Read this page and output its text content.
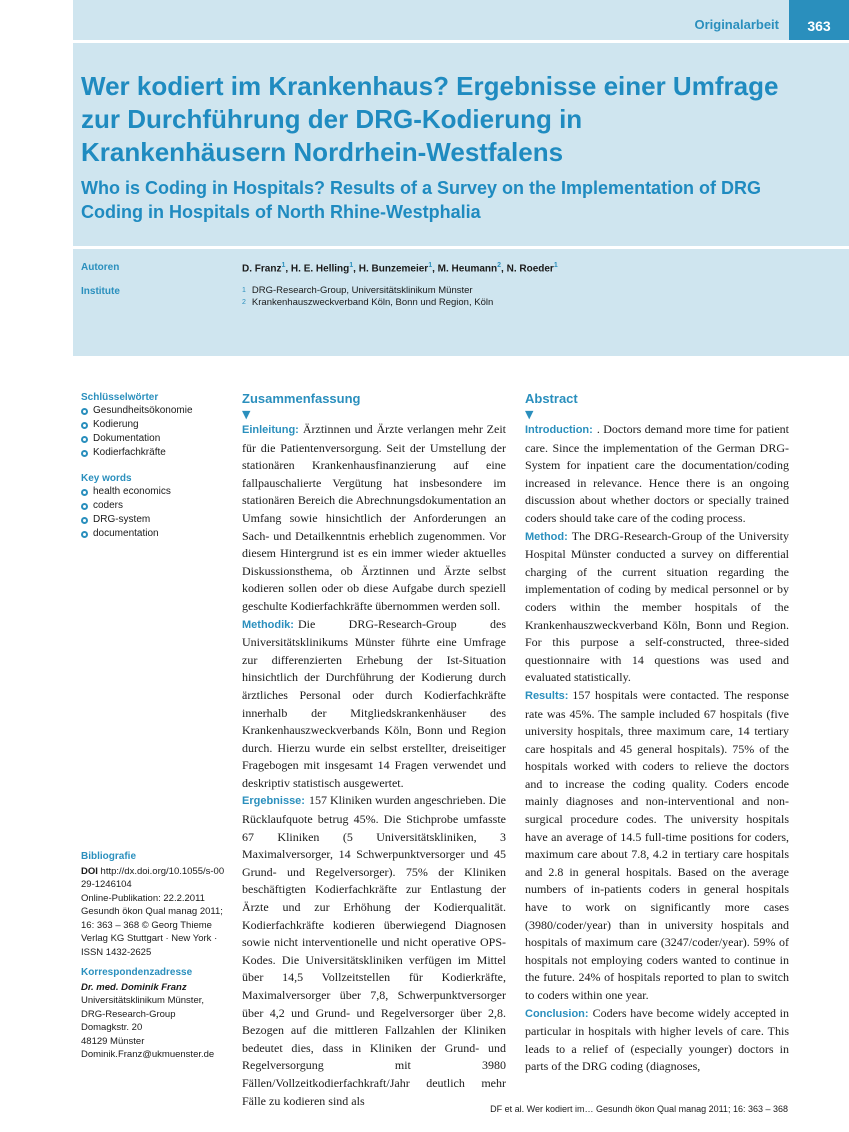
Originalarbeit	363
Wer kodiert im Krankenhaus? Ergebnisse einer Umfrage zur Durchführung der DRG-Kodierung in Krankenhäusern Nordrhein-Westfalens
Who is Coding in Hospitals? Results of a Survey on the Implementation of DRG Coding in Hospitals of North Rhine-Westphalia
Autoren	D. Franz$^1$, H. E. Helling$^1$, H. Bunzemeier$^1$, M. Heumann$^2$, N. Roeder$^1$
Institute	1 DRG-Research-Group, Universitätsklinikum Münster
2 Krankenhauszweckverband Köln, Bonn und Region, Köln
Schlüsselwörter
Gesundheitsökonomie
Kodierung
Dokumentation
Kodierfachkräfte
Key words
health economics
coders
DRG-system
documentation
Bibliografie
DOI http://dx.doi.org/10.1055/s-0029-1246104
Online-Publikation: 22.2.2011
Gesundh ökon Qual manag 2011; 16: 363 – 368 © Georg Thieme Verlag KG Stuttgart · New York · ISSN 1432-2625
Korrespondenzadresse
Dr. med. Dominik Franz
Universitätsklinikum Münster,
DRG-Research-Group
Domagkstr. 20
48129 Münster
Dominik.Franz@ukmuenster.de
Zusammenfassung
▼

Einleitung: Ärztinnen und Ärzte verlangen mehr Zeit für die Patientenversorgung. Seit der Umstellung der stationären Krankenhausfinanzierung auf eine fallpauschalierte Vergütung hat insbesondere im stationären Bereich die Abrechnungsdokumentation an Umfang sowie hinsichtlich der Anforderungen an Sach- und Detailkenntnis erheblich zugenommen. Vor diesem Hintergrund ist es ein immer wieder aktuelles Diskussionsthema, ob Ärztinnen und Ärzte selbst kodieren sollen oder ob diese Aufgabe durch speziell geschulte Kodierfachkräfte übernommen werden soll.

Methodik: Die DRG-Research-Group des Universitätsklinikums Münster führte eine Umfrage zur differenzierten Erhebung der Ist-Situation hinsichtlich der Durchführung der Kodierung durch ärztliches Personal oder durch Kodierfachkräfte innerhalb der Mitgliedskrankenhäuser des Krankenhauszweckverbands Köln, Bonn und Region durch. Hierzu wurde ein selbst erstellter, dreiseitiger Fragebogen mit insgesamt 14 Fragen verwendet und deskriptiv statistisch ausgewertet.

Ergebnisse: 157 Kliniken wurden angeschrieben. Die Rücklaufquote betrug 45%. Die Stichprobe umfasste 67 Kliniken (5 Universitätskliniken, 3 Maximalversorger, 14 Schwerpunktversorger und 45 Grund- und Regelversorger). 75% der Kliniken beschäftigten Kodierfachkräfte zur Entlastung der Ärzte und zur Erhöhung der Kodierqualität. Kodierfachkräfte kodieren überwiegend Diagnosen sowie nicht interventionelle und nicht operative OPS-Kodes. Die Universitätskliniken verfügen im Mittel über 14,5 Vollzeitstellen für Kodierkräfte, Maximalversorger über 7,8, Schwerpunktversorger über 4,2 und Grund- und Regelversorger über 2,8. Bezogen auf die mittleren Fallzahlen der Kliniken bedeutet dies, dass in Kliniken der Grund- und Regelversorgung mit 3980 Fällen/Vollzeitkodierfachkraft/Jahr deutlich mehr Fälle zu kodieren sind als

Abstract
▼

Introduction: . Doctors demand more time for patient care. Since the implementation of the German DRG-System for inpatient care the documentation/coding increased in relevance. Hence there is an ongoing discussion about whether doctors or specially trained coders should take care of the coding process.

Method: The DRG-Research-Group of the University Hospital Münster conducted a survey on differential charging of the current situation regarding the implementation of coding by medical personnel or by coders within the member hospitals of the Krankenhauszweckverband Köln, Bonn und Region. For this purpose a self-constructed, three-sided questionnaire with 14 questions was used and evaluated statistically.

Results: 157 hospitals were contacted. The response rate was 45%. The sample included 67 hospitals (five university hospitals, three maximum care, 14 tertiary care hospitals and 45 general hospitals). 75% of the hospitals worked with coders to relieve the doctors and to increase the coding quality. Coders encode mainly diagnoses and non-interventional and non-surgical procedure codes. The university hospitals have an average of 14.5 full-time positions for coders, maximum care about 7.8, 4.2 in tertiary care hospitals and 2.8 in general hospitals. Based on the average numbers of in-patients coders in general hospitals have to work on significantly more cases (3980/coder/year) than in university hospitals and hospitals of maximum care (3247/coder/year). 59% of hospitals not employing coders wanted to continue in the future. 24% of hospitals reported to plan to switch to coders within one year.

Conclusion: Coders have become widely accepted in particular in hospitals with higher levels of care. This leads to a relief of (especially younger) doctors in parts of the DRG coding (diagnoses,

DF et al. Wer kodiert im… Gesundh ökon Qual manag 2011; 16: 363 – 368
